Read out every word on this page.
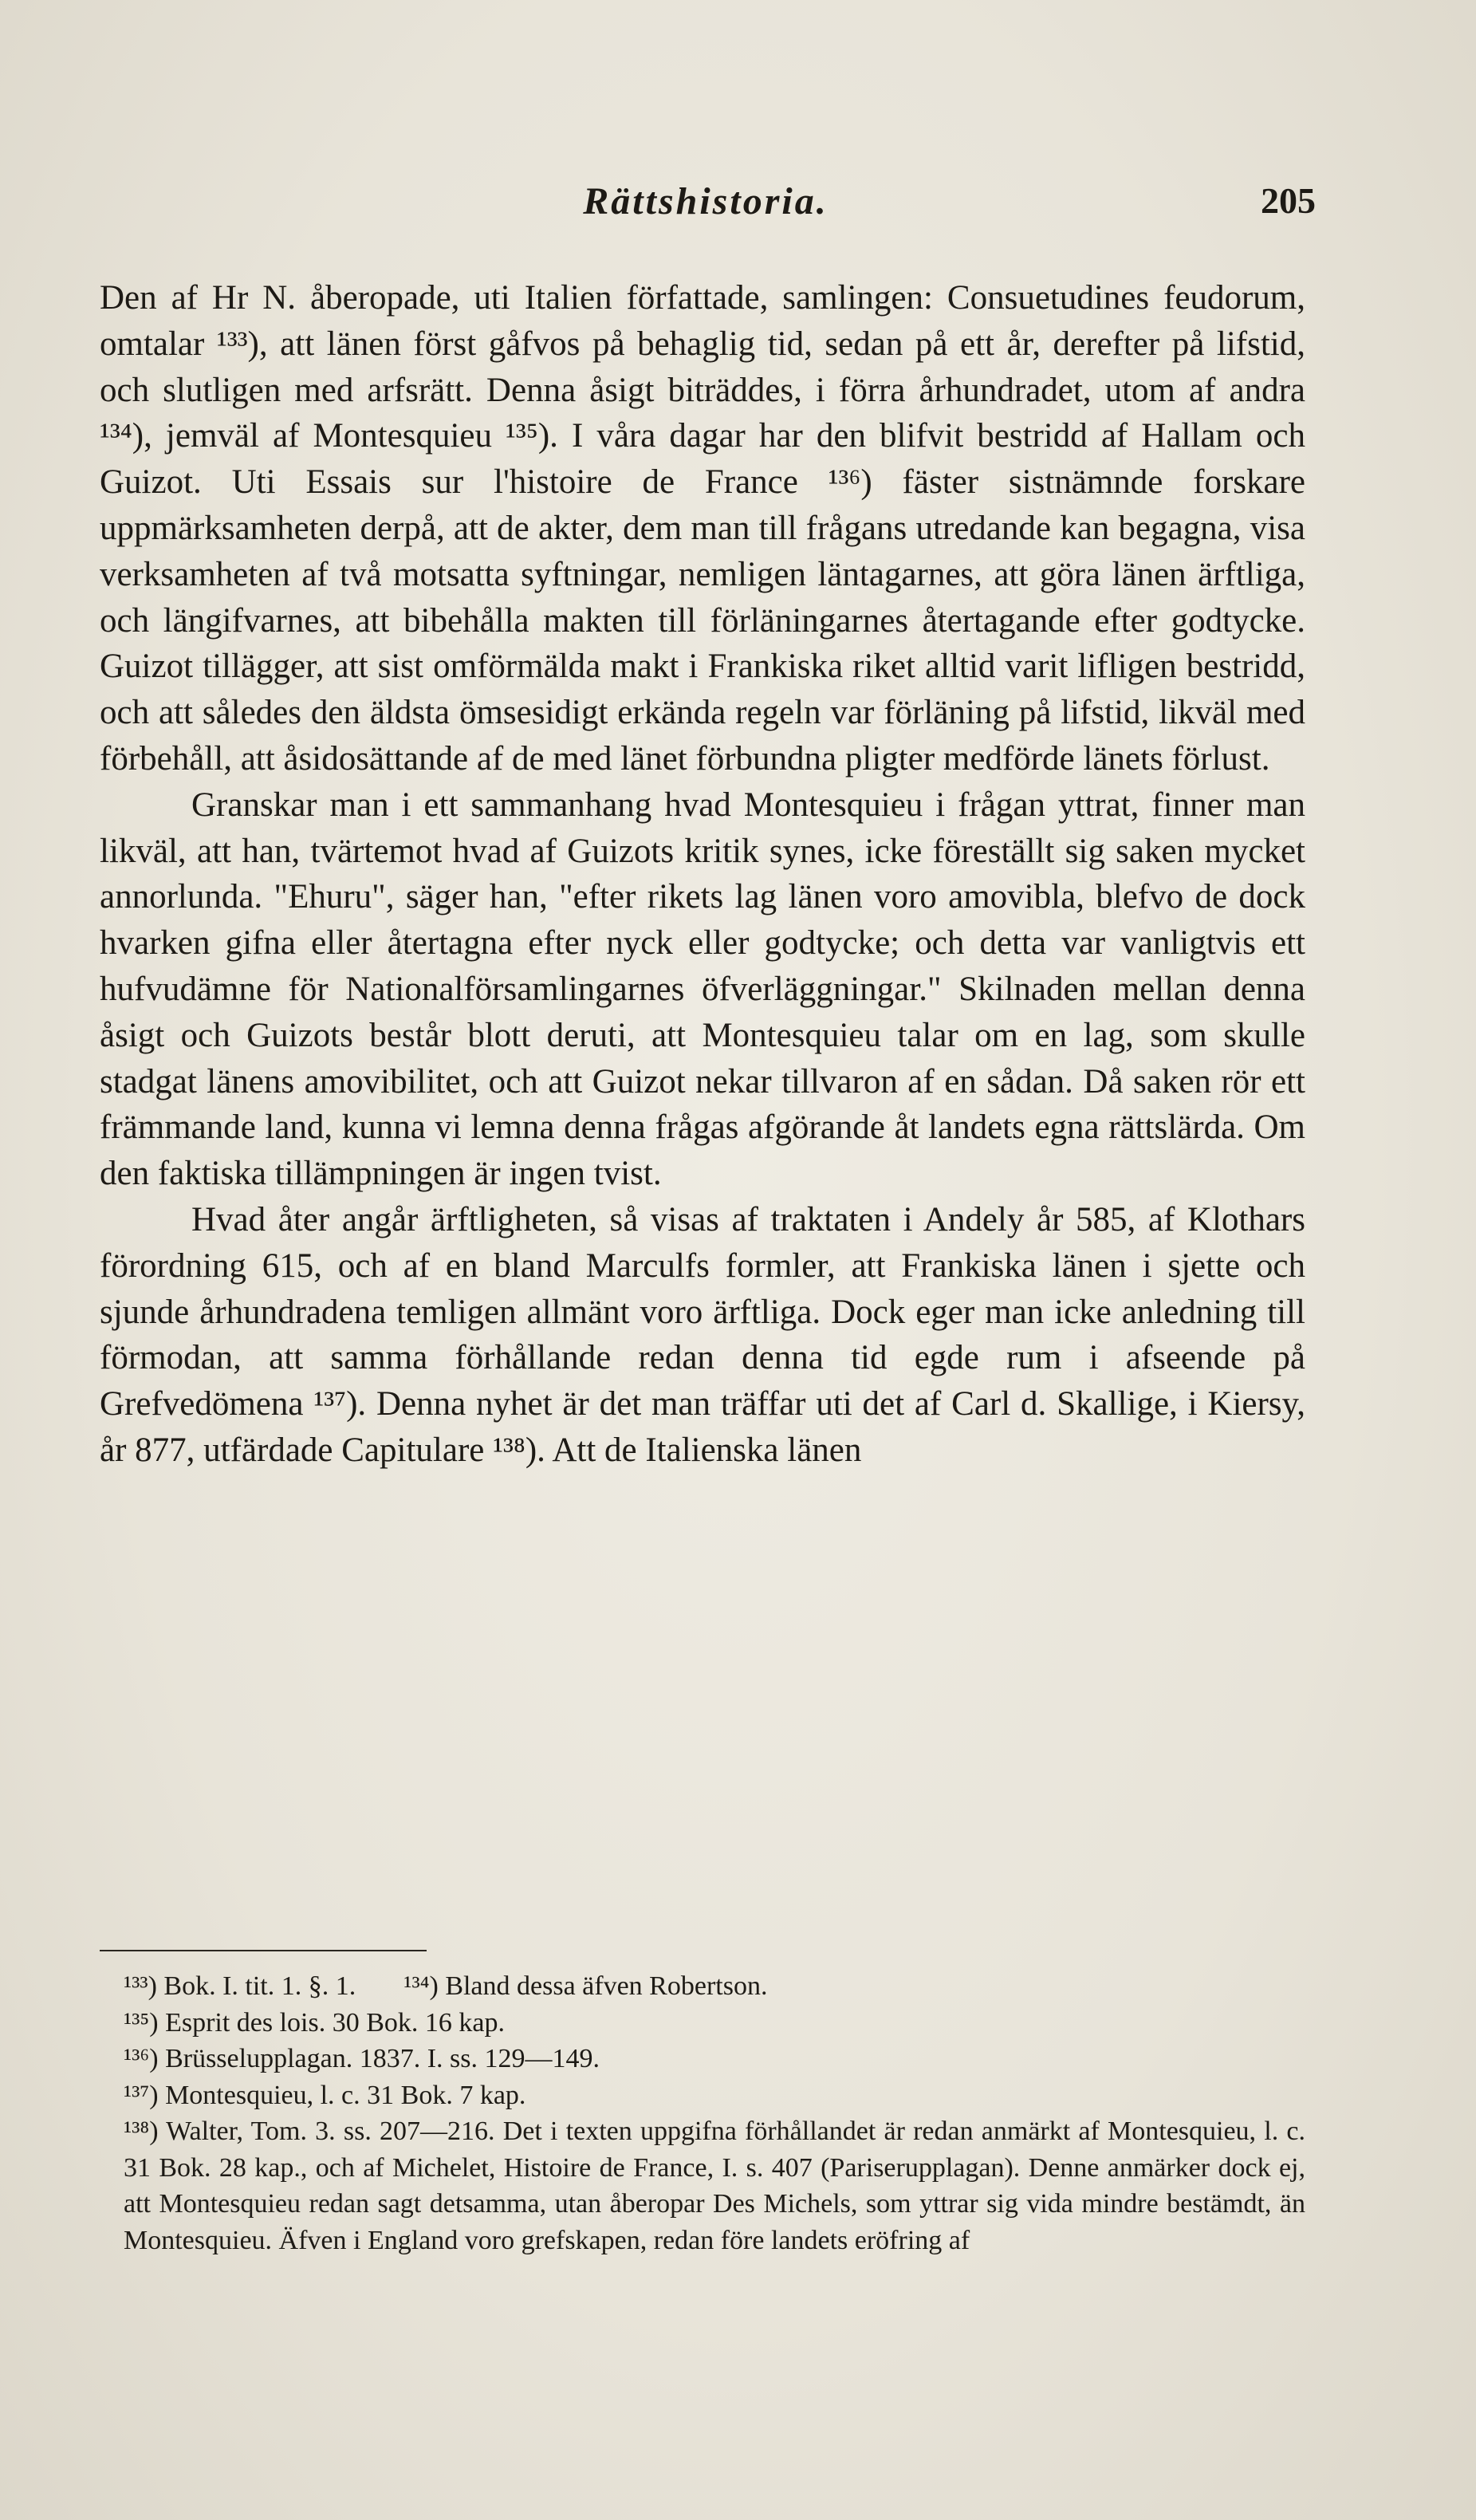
Rättshistoria.	205

Den af Hr N. åberopade, uti Italien författade, samlingen: Consuetudines feudorum, omtalar ¹³³), att länen först gåfvos på behaglig tid, sedan på ett år, derefter på lifstid, och slutligen med arfsrätt. Denna åsigt biträddes, i förra århundradet, utom af andra ¹³⁴), jemväl af Montesquieu ¹³⁵). I våra dagar har den blifvit bestridd af Hallam och Guizot. Uti Essais sur l'histoire de France ¹³⁶) fäster sistnämnde forskare uppmärksamheten derpå, att de akter, dem man till frågans utredande kan begagna, visa verksamheten af två motsatta syftningar, nemligen läntagarnes, att göra länen ärftliga, och längifvarnes, att bibehålla makten till förläningarnes återtagande efter godtycke. Guizot tillägger, att sist omförmälda makt i Frankiska riket alltid varit lifligen bestridd, och att således den äldsta ömsesidigt erkända regeln var förläning på lifstid, likväl med förbehåll, att åsidosättande af de med länet förbundna pligter medförde länets förlust.

Granskar man i ett sammanhang hvad Montesquieu i frågan yttrat, finner man likväl, att han, tvärtemot hvad af Guizots kritik synes, icke föreställt sig saken mycket annorlunda. "Ehuru", säger han, "efter rikets lag länen voro amovibla, blefvo de dock hvarken gifna eller återtagna efter nyck eller godtycke; och detta var vanligtvis ett hufvudämne för Nationalförsamlingarnes öfverläggningar." Skilnaden mellan denna åsigt och Guizots består blott deruti, att Montesquieu talar om en lag, som skulle stadgat länens amovibilitet, och att Guizot nekar tillvaron af en sådan. Då saken rör ett främmande land, kunna vi lemna denna frågas afgörande åt landets egna rättslärda. Om den faktiska tillämpningen är ingen tvist.

Hvad åter angår ärftligheten, så visas af traktaten i Andely år 585, af Klothars förordning 615, och af en bland Marculfs formler, att Frankiska länen i sjette och sjunde århundradena temligen allmänt voro ärftliga. Dock eger man icke anledning till förmodan, att samma förhållande redan denna tid egde rum i afseende på Grefvedömena ¹³⁷). Denna nyhet är det man träffar uti det af Carl d. Skallige, i Kiersy, år 877, utfärdade Capitulare ¹³⁸). Att de Italienska länen

¹³³) Bok. I. tit. 1. §. 1. ¹³⁴) Bland dessa äfven Robertson.
¹³⁵) Esprit des lois. 30 Bok. 16 kap.
¹³⁶) Brüsselupplagan. 1837. I. ss. 129—149.
¹³⁷) Montesquieu, l. c. 31 Bok. 7 kap.
¹³⁸) Walter, Tom. 3. ss. 207—216. Det i texten uppgifna förhållandet är redan anmärkt af Montesquieu, l. c. 31 Bok. 28 kap., och af Michelet, Histoire de France, I. s. 407 (Pariserupplagan). Denne anmärker dock ej, att Montesquieu redan sagt detsamma, utan åberopar Des Michels, som yttrar sig vida mindre bestämdt, än Montesquieu. Äfven i England voro grefskapen, redan före landets eröfring af
